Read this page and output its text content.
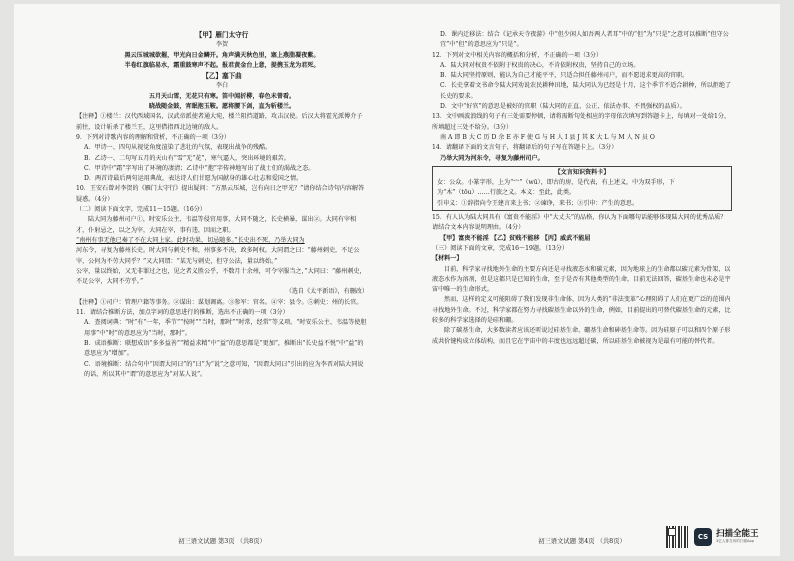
【甲】雁门太守行

李贺

黑云压城城欲摧，甲光向日金鳞开。角声满天秋色里，塞上燕脂凝夜紫。

半卷红旗临易水，霜重鼓寒声不起。报君黄金台上意，提携玉龙为君死。

【乙】塞下曲

李白

五月天山雪，无花只有寒。笛中闻折柳，春色未曾看。

晓战随金鼓，宵眠抱玉鞍。愿将腰下剑，直为斩楼兰。

【注释】①楼兰：汉代西域国名，汉武帝派使者通大宛，楼兰阻挡道路，攻击汉使。后汉大将霍光派傅介子前往，设计斩杀了楼兰王，这里借指西北边境的敌人。

9．下列对诗歌内容的理解和赏析，不正确的一项（3分）

A．甲诗一、四句从视觉角度渲染了悲壮的气氛，表现出战争的残酷。

B．乙诗一、二句写五月的天山有“雪”无“花”，寒气逼人，突出环境的艰苦。

C．甲诗中“霜”字写出了环境的凄清；乙诗中“抱”字传神地写出了战士们的渴战之态。

D．两首诗最后两句运用典故，表达诗人们甘愿为国献身的雄心壮志和爱国之情。

10．王安石曾对李贺的《雁门太守行》提出疑问：“方黑云压城，岂有向日之甲光？”请你结合诗句内容解答疑惑。（4分）

（二）阅读下面文字，完成11～15题。（16分）

陆大同为藤州司户①，时安乐公主、韦温等侵官用事，大同不随之，长史横暴，谋出②。大同有宰相才，仆射忌之，以之为宰，大同在宰，事有违，因而之职。

“南州有事无他已奏了不在大同上家。此时功果，切忌随多。”长史出不死，乃举大同为

河东令，寻复为藤州长史。时大同与刺史不和，州事多不决，政多阿权。大同谓之曰：“藤州刺史，不足公宰，公何为不劳大同乎？”又大同谓：“某无与刺史，但守公法，量以终始。”

公宰，量以终始，又无非罪过之也，见之者义胜公乎，不数月十余州，可令宰服当之，”大同曰：“藤州刺史，不足公宰，大同不劳乎。”

（选自《太平新语》，有删改）

【注释】①司户：管理户籍等事务。②谋出：谋划调离。③参军：官名。④宰：县令。⑤刺史：州的长官。

11．请结合推断方法，加点字词的意思进行的推断，选出不正确的一项（3分）

A．查阅词典：“时”有“一年，季节”“按时”“当时，那时”“时常，经常”等义项。“时安乐公主、韦温等使胆用事”中“时”的意思应为“当时，那时”。

B．成语推断：联想成语“多多益善”“精益求精”中“益”的意思都是“更加”，推断出“长史益不悦”中“益”的意思应为“增加”。

C．语境推断：结合句中“因谓大同曰”的“曰”为“说”之意可知，“因谓大同曰”引出的应为李晋对陆大同说的话，所以其中“谓”的意思应为“对某人说”。

D．课内迁移法：结合《记承天寺夜游》中“但少闲人如吾两人者耳”中的“但”为“只是”之意可以推断“但守公宜”中“但”的意思应为“只是”。

12．下列对文中相关内容的概括和分析，不正确的一项（3分）

A．陆大同对权贵不依附于权贵的决心，不肯依附权贵，坚持自己的立场。

B．陆大同坚持原则，能认为自己才能平平，只适合担任藤州司户，而不愿追求更高的官职。

C．长史拿着文书命令陆大同劝说农民耕种田地，陆大同认为已经是十月，这个季节不适合耕种，所以拒绝了长史的要求。

D．文中“好官”的意思是被好的官职（陆大同的正直、公正、依法办事、不畏强权的品质）。

13．文中画波浪线的句子有三处需要停顿，请将需断句处相应的字母依次填写到答题卡上，每填对一处给1分，所填超过三处不给分。（3分）

南 A 即 B 大 C 历 D 余 E 亦 F 使 G 与 H 人 I 县 J 其 K 大 L 与 M 人 N 员 O

14．请翻译下面的文言句子，将翻译后的句子写在答题卡上。（3分）

乃举大同为河东令，寻复为藤州司户。

【文言知识资料卡】

女：公众。小篆字形，上为“宀”（wū），即古的房，是代表，有上述义，中为双手形，下为“木”（tōu）……行旅之义。本义：至此，此类。

引申义：①辞指向令王建言来上书；②谏诤，来书；③引申：产生的意思。

15．有人认为陆大同具有《富贵不能淫》中“大丈夫”的品格，你认为下面哪句话能够体现陆大同的优秀品质？请结合文本内容说明理由。（4分）

【甲】富贵不能淫 【乙】贫贱不能移 【丙】威武不能屈

（三）阅读下面的文章，完成16～19题。（13分）

【材料一】

目前，科学家寻找地外生命的主要方向还是寻找液态水和碳元素，因为地球上的生命都以碳元素为骨架、以液态水作为溶剂，但是这都只是已知的生命，至于是否有其他类型的生命，目前无法回答，碳基生命也未必是宇宙中唯一的生命形式。

然而，这样的定义可能阻碍了我们发现非生命体，因为人类的“非法变革”心理阻碍了人们在更广泛的范围内寻找地外生命。不过，科学家都在努力寻找碳基生命以外的生命，例如，目前提出的可替代碳基生命的元素，比较多的科学家选择的是硅和硼。

除了碳基生命，大多数读者应该还听说过硅基生命、硼基生命和砷基生命等。因为硅原子可以和四个原子形成共价键构成立体结构，而且它在宇宙中的丰度也远远超过碳，所以硅基生命被视为是最有可能的替代者。

初三语文试题 第3页 （共8页）	初三语文试题 第4页 （共8页）
CS 扫描全能王
3亿人都在用的扫描App
